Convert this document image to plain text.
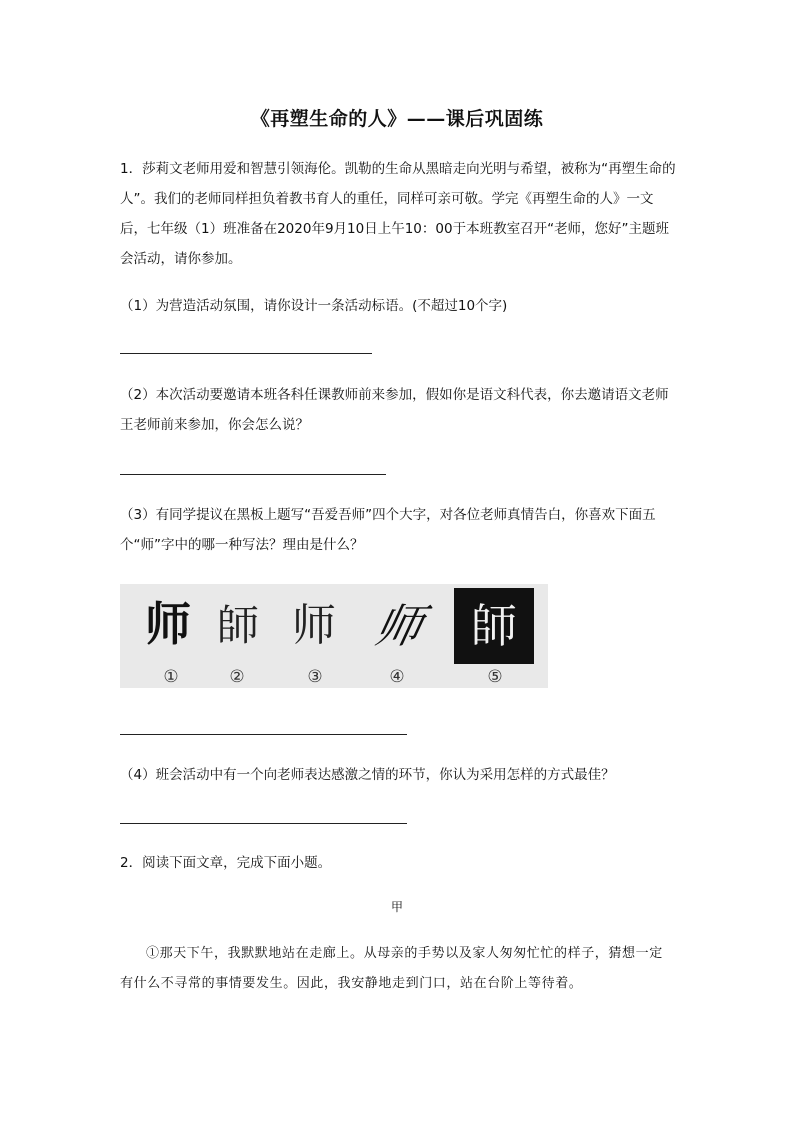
《再塑生命的人》——课后巩固练

1．莎莉文老师用爱和智慧引领海伦。凯勒的生命从黑暗走向光明与希望，被称为“再塑生命的人”。我们的老师同样担负着教书育人的重任，同样可亲可敬。学完《再塑生命的人》一文后，七年级（1）班准备在2020年9月10日上午10：00于本班教室召开“老师，您好”主题班会活动，请你参加。

（1）为营造活动氛围，请你设计一条活动标语。(不超过10个字)

（2）本次活动要邀请本班各科任课教师前来参加，假如你是语文科代表，你去邀请语文老师王老师前来参加，你会怎么说？

（3）有同学提议在黑板上题写“吾爱吾师”四个大字，对各位老师真情告白，你喜欢下面五个“师”字中的哪一种写法？理由是什么？

师 師 师 师 師
①	②	③	④	⑤

（4）班会活动中有一个向老师表达感激之情的环节，你认为采用怎样的方式最佳？

2．阅读下面文章，完成下面小题。

甲

①那天下午，我默默地站在走廊上。从母亲的手势以及家人匆匆忙忙的样子，猜想一定有什么不寻常的事情要发生。因此，我安静地走到门口，站在台阶上等待着。
